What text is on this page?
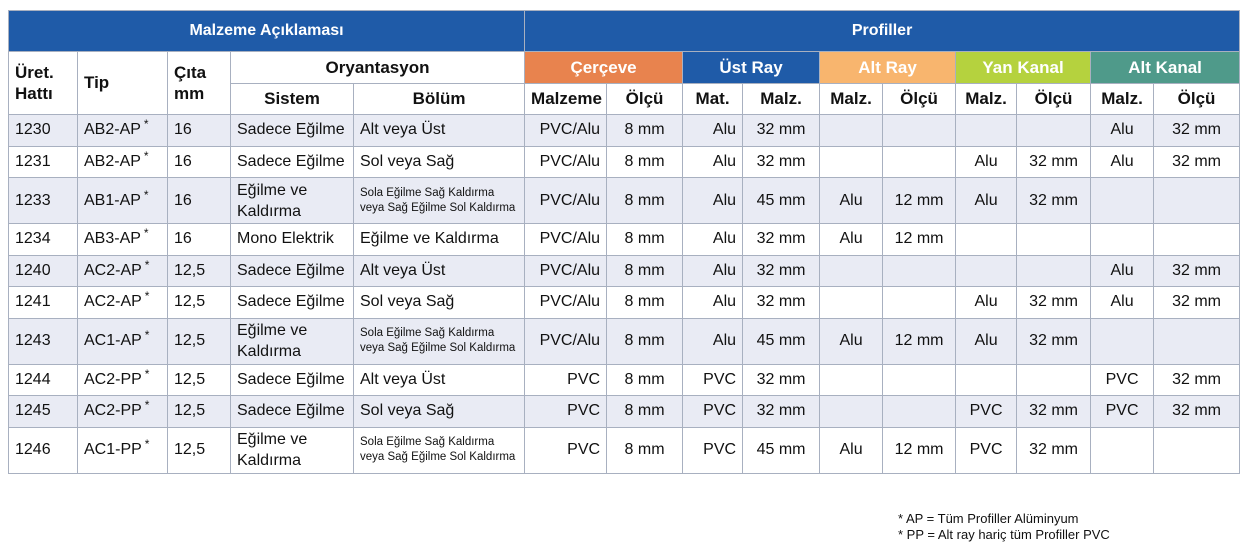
Malzeme Açıklaması					Profiller									
Üret. Hattı	Tip	Çıta mm	Oryantasyon		Çerçeve		Üst Ray		Alt Ray		Yan Kanal		Alt Kanal	
			Sistem	Bölüm	Malzeme	Ölçü	Mat.	Malz.	Malz.	Ölçü	Malz.	Ölçü	Malz.	Ölçü
1230	AB2-AP *	16	Sadece Eğilme	Alt veya Üst	PVC/Alu	8 mm	Alu	32 mm					Alu	32 mm
1231	AB2-AP *	16	Sadece Eğilme	Sol veya Sağ	PVC/Alu	8 mm	Alu	32 mm			Alu	32 mm	Alu	32 mm
1233	AB1-AP *	16	Eğilme ve Kaldırma	Sola Eğilme Sağ Kaldırma veya Sağ Eğilme Sol Kaldırma	PVC/Alu	8 mm	Alu	45 mm	Alu	12 mm	Alu	32 mm		
1234	AB3-AP *	16	Mono Elektrik	Eğilme ve Kaldırma	PVC/Alu	8 mm	Alu	32 mm	Alu	12 mm				
1240	AC2-AP *	12,5	Sadece Eğilme	Alt veya Üst	PVC/Alu	8 mm	Alu	32 mm					Alu	32 mm
1241	AC2-AP *	12,5	Sadece Eğilme	Sol veya Sağ	PVC/Alu	8 mm	Alu	32 mm			Alu	32 mm	Alu	32 mm
1243	AC1-AP *	12,5	Eğilme ve Kaldırma	Sola Eğilme Sağ Kaldırma veya Sağ Eğilme Sol Kaldırma	PVC/Alu	8 mm	Alu	45 mm	Alu	12 mm	Alu	32 mm		
1244	AC2-PP *	12,5	Sadece Eğilme	Alt veya Üst	PVC	8 mm	PVC	32 mm					PVC	32 mm
1245	AC2-PP *	12,5	Sadece Eğilme	Sol veya Sağ	PVC	8 mm	PVC	32 mm			PVC	32 mm	PVC	32 mm
1246	AC1-PP *	12,5	Eğilme ve Kaldırma	Sola Eğilme Sağ Kaldırma veya Sağ Eğilme Sol Kaldırma	PVC	8 mm	PVC	45 mm	Alu	12 mm	PVC	32 mm		
* AP = Tüm Profiller Alüminyum
* PP = Alt ray hariç tüm Profiller PVC
